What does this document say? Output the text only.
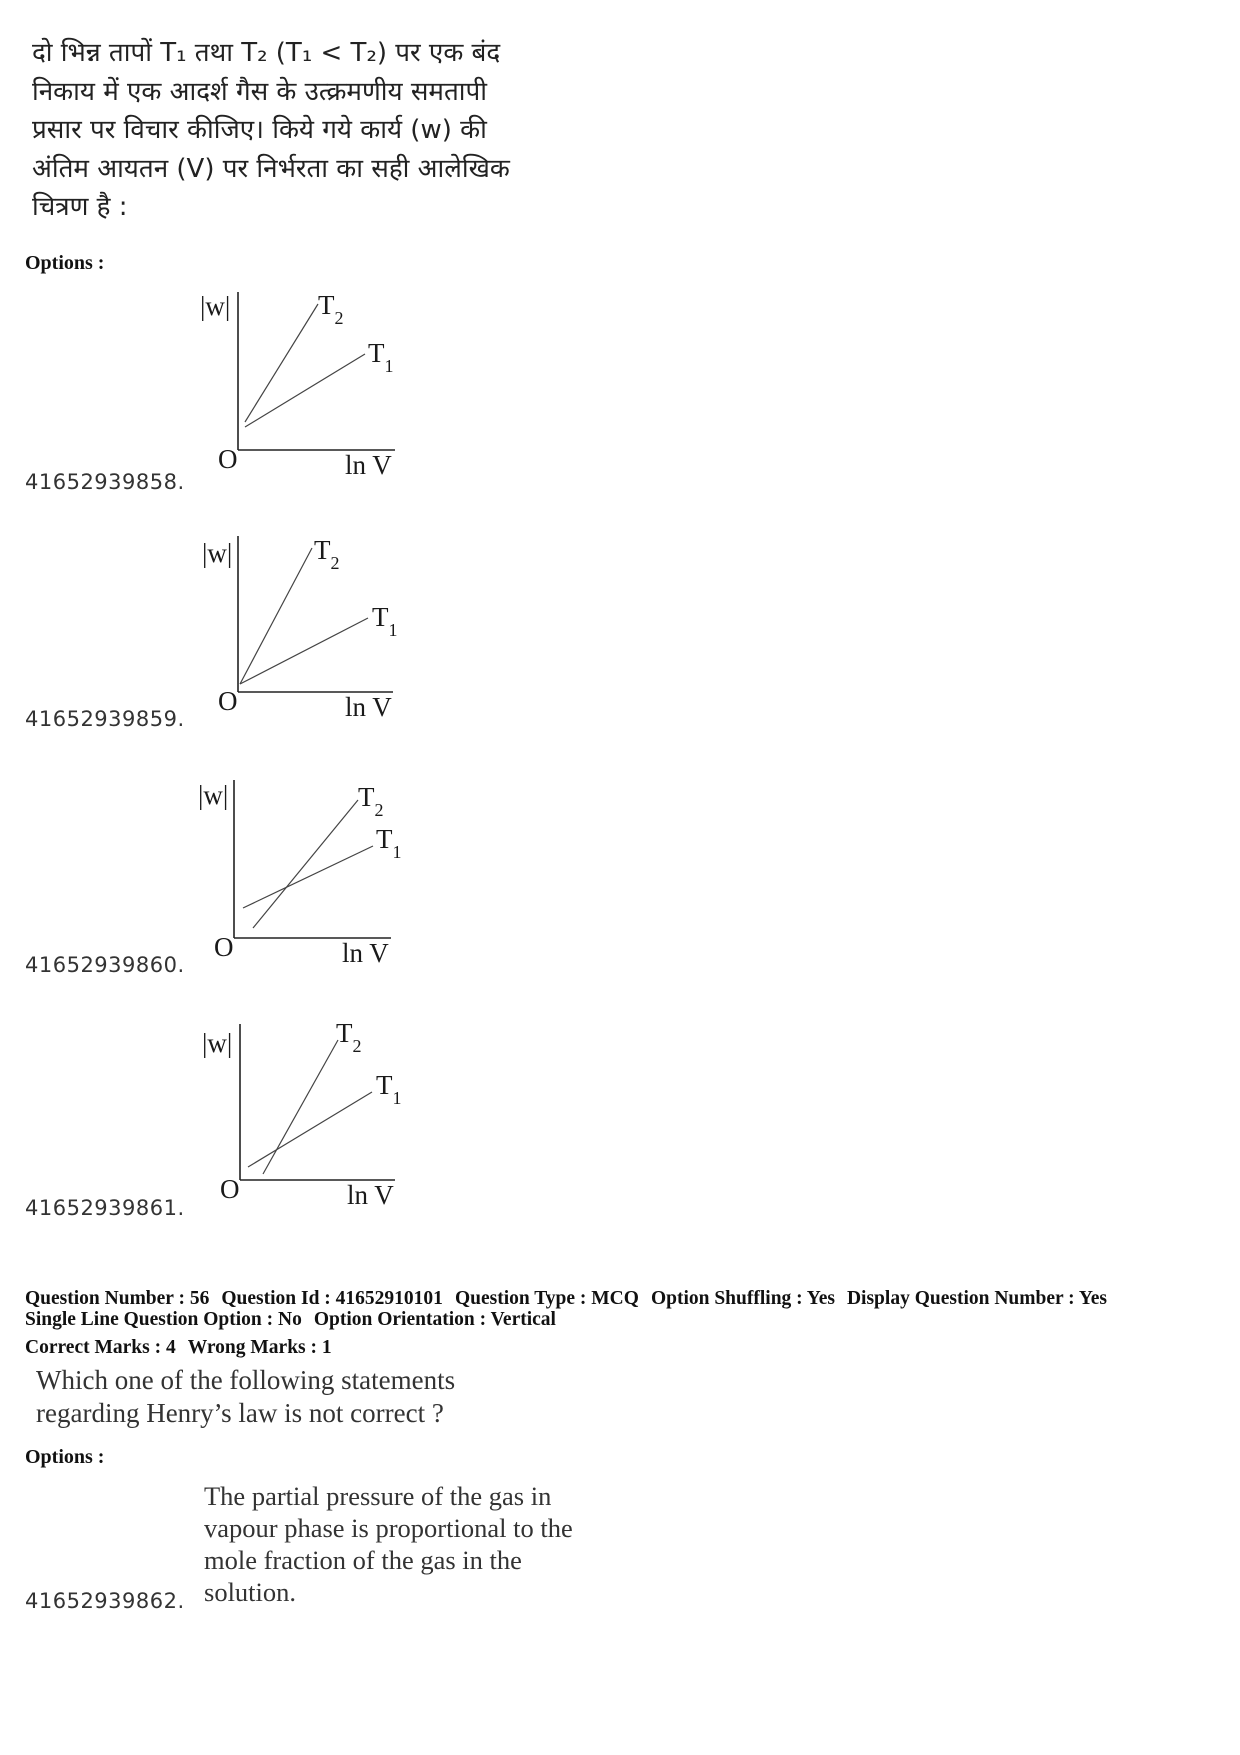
दो भिन्न तापों T₁ तथा T₂ (T₁ < T₂) पर एक बंद

निकाय में एक आदर्श गैस के उत्क्रमणीय समतापी

प्रसार पर विचार कीजिए। किये गये कार्य (w) की

अंतिम आयतन (V) पर निर्भरता का सही आलेखिक

चित्रण है :

Options :
|w|	$T_2$
$T_1$
O	ln V
41652939858.
|w|	$T_2$
$T_1$
O	ln V
41652939859.
|w|	$T_2$
$T_1$
O	ln V
41652939860.
|w|	$T_2$
$T_1$
O	ln V
41652939861.
Question Number : 56 Question Id : 41652910101 Question Type : MCQ Option Shuffling : Yes Display Question Number : Yes
Single Line Question Option : No Option Orientation : Vertical
Correct Marks : 4 Wrong Marks : 1

Which one of the following statements

regarding Henry’s law is not correct ?

Options :

The partial pressure of the gas in

vapour phase is proportional to the

mole fraction of the gas in the

solution.

41652939862.
